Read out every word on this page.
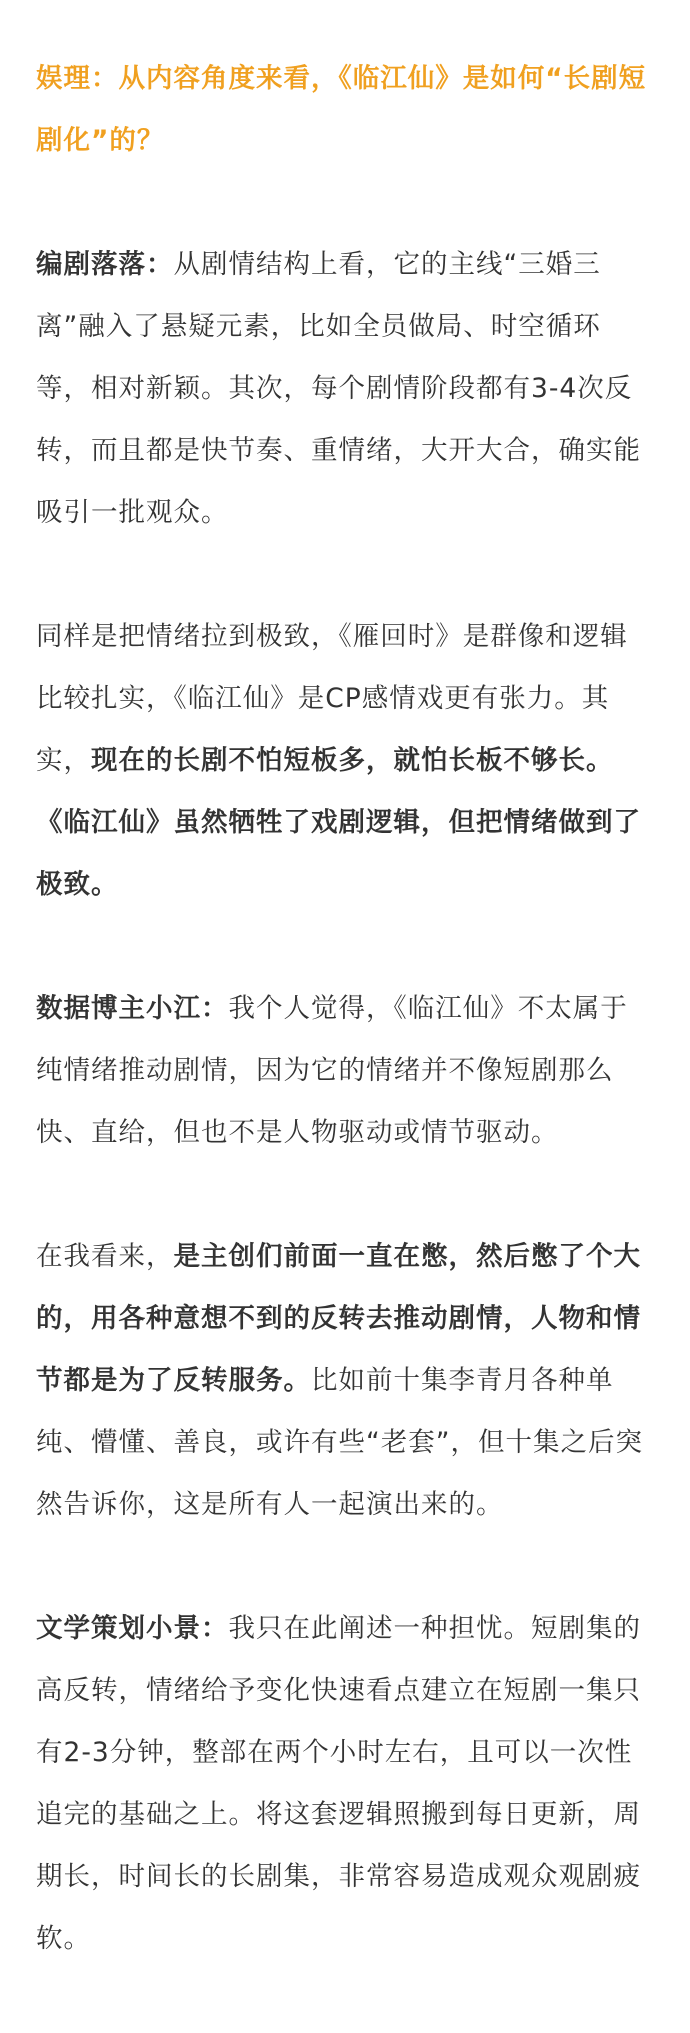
娱理：从内容角度来看，《临江仙》是如何“长剧短剧化”的？

编剧落落：从剧情结构上看，它的主线“三婚三离”融入了悬疑元素，比如全员做局、时空循环等，相对新颖。其次，每个剧情阶段都有3-4次反转，而且都是快节奏、重情绪，大开大合，确实能吸引一批观众。

同样是把情绪拉到极致，《雁回时》是群像和逻辑比较扎实，《临江仙》是CP感情戏更有张力。其实，现在的长剧不怕短板多，就怕长板不够长。《临江仙》虽然牺牲了戏剧逻辑，但把情绪做到了极致。

数据博主小江：我个人觉得，《临江仙》不太属于纯情绪推动剧情，因为它的情绪并不像短剧那么快、直给，但也不是人物驱动或情节驱动。

在我看来，是主创们前面一直在憋，然后憋了个大的，用各种意想不到的反转去推动剧情，人物和情节都是为了反转服务。比如前十集李青月各种单纯、懵懂、善良，或许有些“老套”，但十集之后突然告诉你，这是所有人一起演出来的。

文学策划小景：我只在此阐述一种担忧。短剧集的高反转，情绪给予变化快速看点建立在短剧一集只有2-3分钟，整部在两个小时左右，且可以一次性追完的基础之上。将这套逻辑照搬到每日更新，周期长，时间长的长剧集，非常容易造成观众观剧疲软。
